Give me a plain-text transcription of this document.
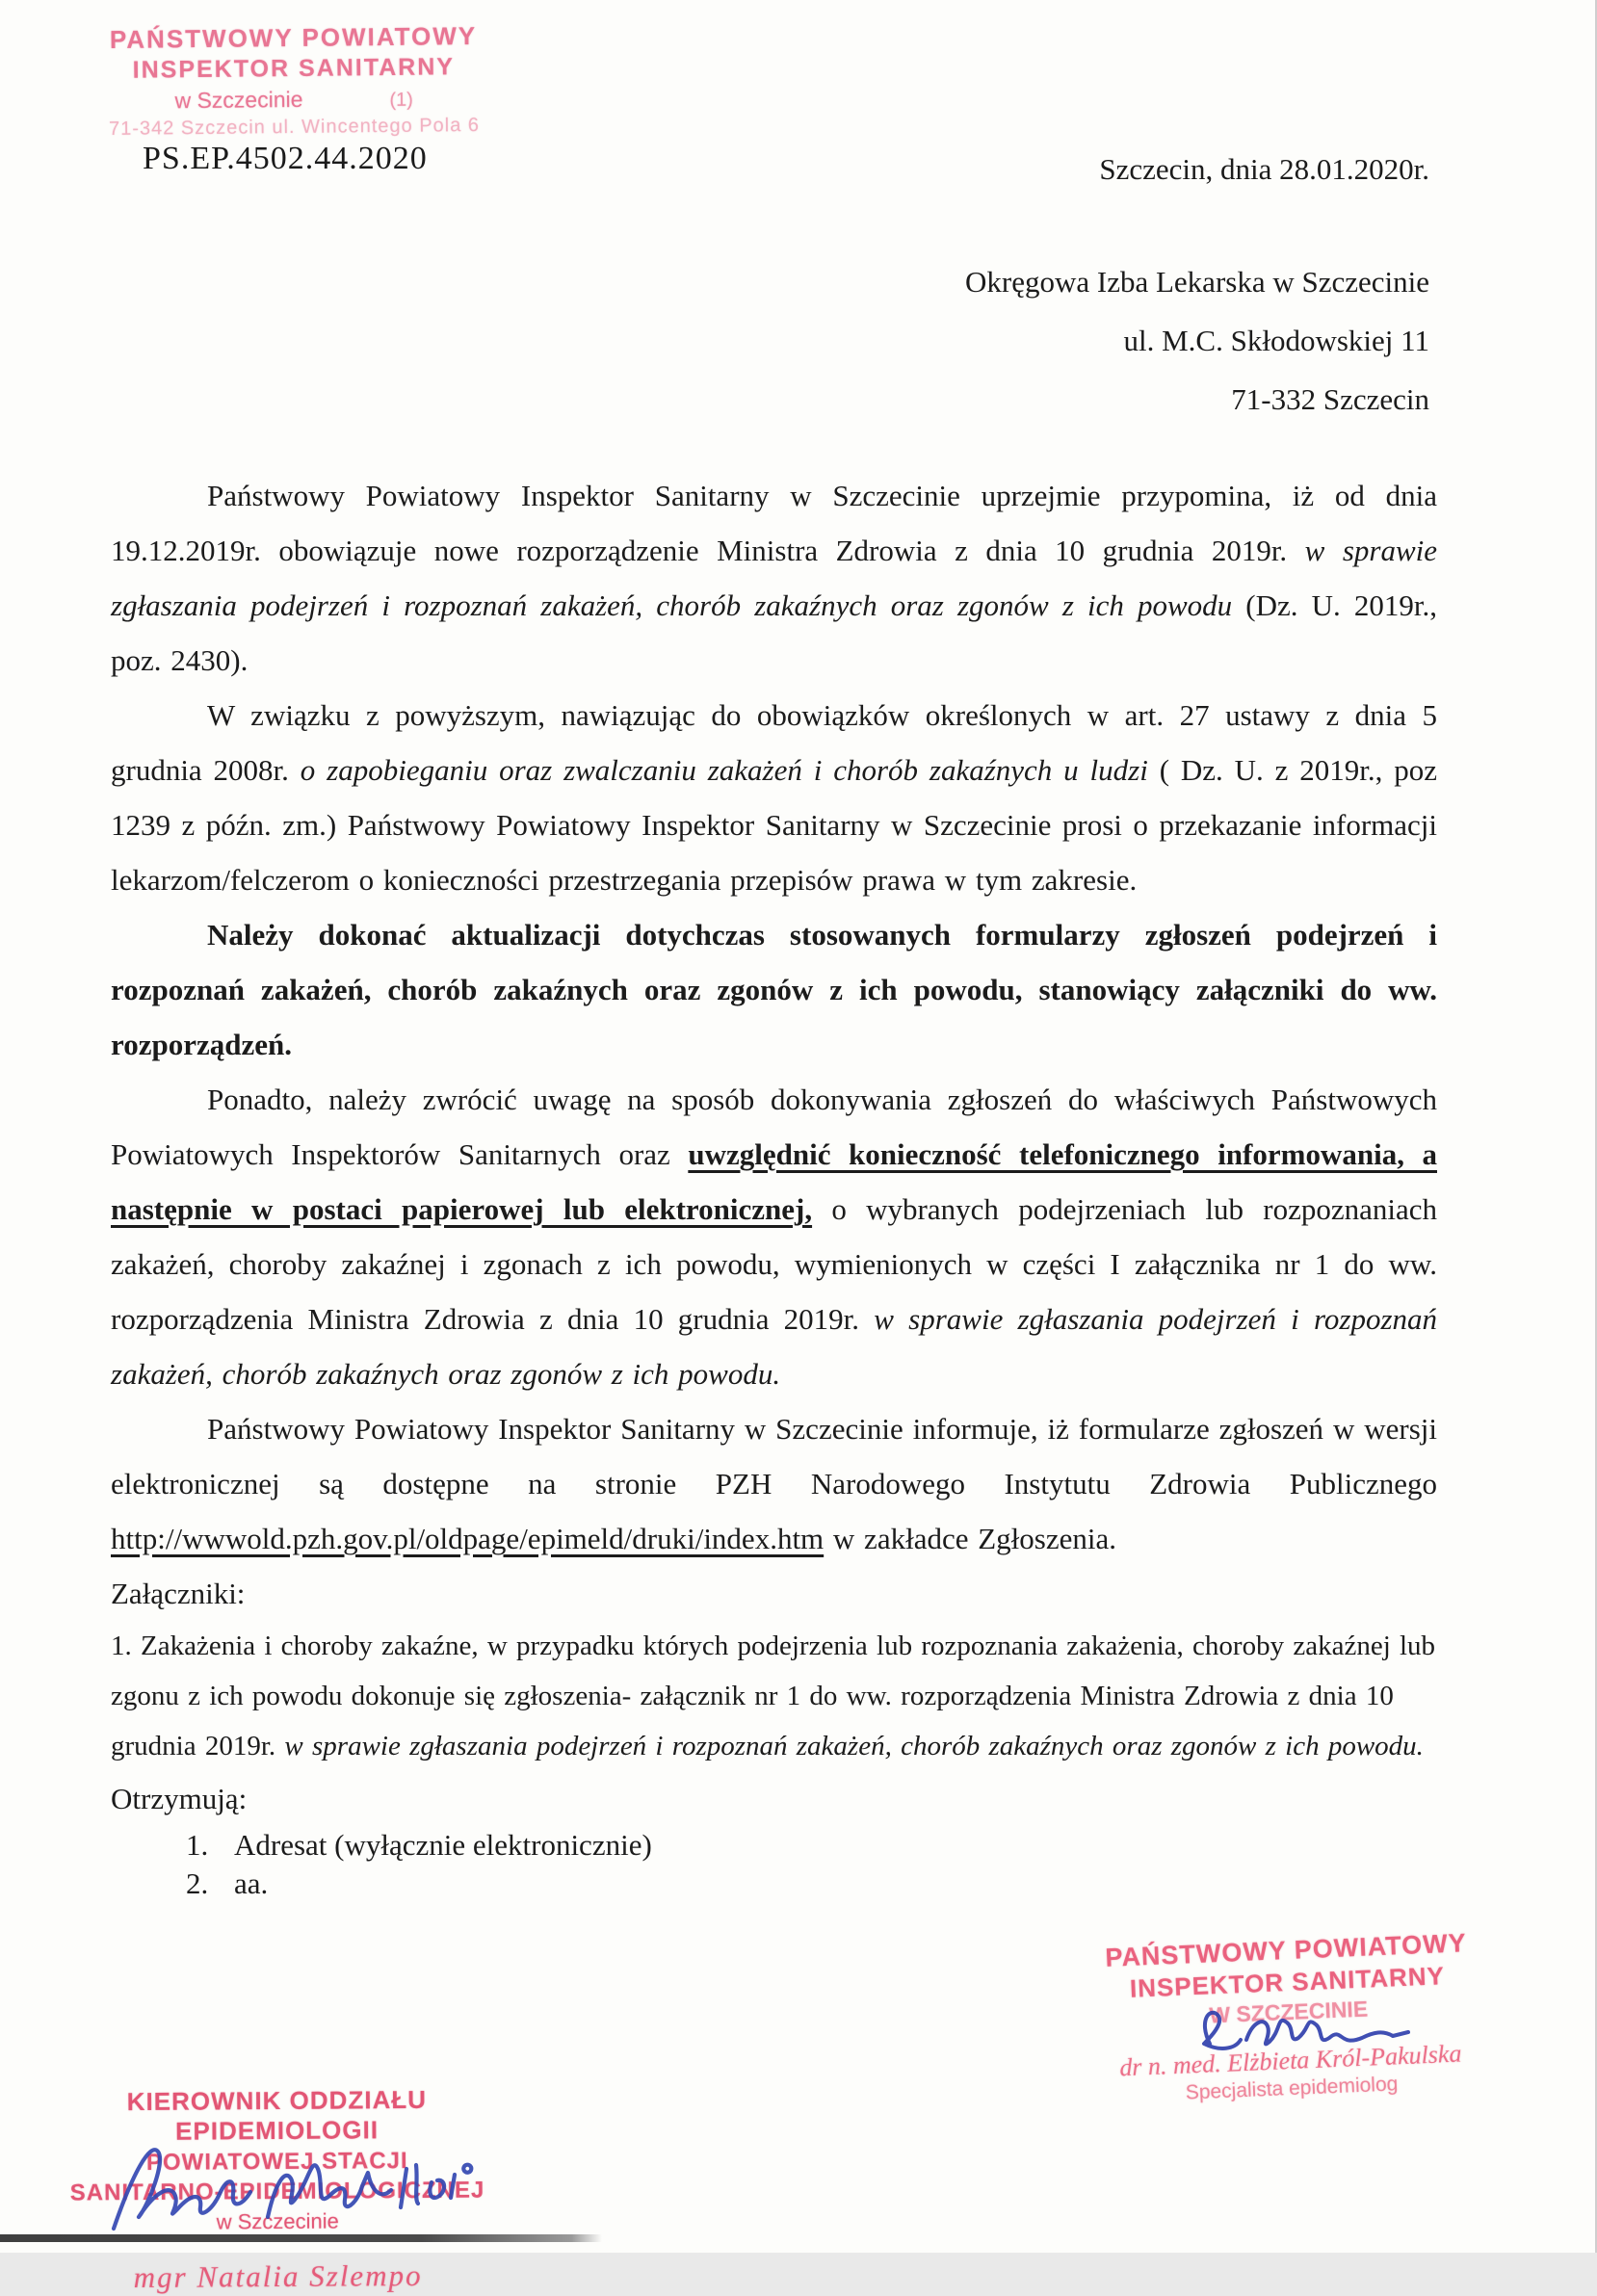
PAŃSTWOWY POWIATOWY
INSPEKTOR SANITARNY
w Szczecinie	(1)
71-342 Szczecin ul. Wincentego Pola 6
PS.EP.4502.44.2020	Szczecin, dnia 28.01.2020r.
Okręgowa Izba Lekarska w Szczecinie
ul. M.C. Skłodowskiej 11
71-332 Szczecin

Państwowy Powiatowy Inspektor Sanitarny w Szczecinie uprzejmie przypomina, iż od dnia 19.12.2019r. obowiązuje nowe rozporządzenie Ministra Zdrowia z dnia 10 grudnia 2019r. w sprawie zgłaszania podejrzeń i rozpoznań zakażeń, chorób zakaźnych oraz zgonów z ich powodu (Dz. U. 2019r., poz. 2430).

W związku z powyższym, nawiązując do obowiązków określonych w art. 27 ustawy z dnia 5 grudnia 2008r. o zapobieganiu oraz zwalczaniu zakażeń i chorób zakaźnych u ludzi ( Dz. U. z 2019r., poz 1239 z późn. zm.) Państwowy Powiatowy Inspektor Sanitarny w Szczecinie prosi o przekazanie informacji lekarzom/felczerom o konieczności przestrzegania przepisów prawa w tym zakresie.

Należy dokonać aktualizacji dotychczas stosowanych formularzy zgłoszeń podejrzeń i rozpoznań zakażeń, chorób zakaźnych oraz zgonów z ich powodu, stanowiący załączniki do ww. rozporządzeń.

Ponadto, należy zwrócić uwagę na sposób dokonywania zgłoszeń do właściwych Państwowych Powiatowych Inspektorów Sanitarnych oraz uwzględnić konieczność telefonicznego informowania, a następnie w postaci papierowej lub elektronicznej, o wybranych podejrzeniach lub rozpoznaniach zakażeń, choroby zakaźnej i zgonach z ich powodu, wymienionych w części I załącznika nr 1 do ww. rozporządzenia Ministra Zdrowia z dnia 10 grudnia 2019r. w sprawie zgłaszania podejrzeń i rozpoznań zakażeń, chorób zakaźnych oraz zgonów z ich powodu.

Państwowy Powiatowy Inspektor Sanitarny w Szczecinie informuje, iż formularze zgłoszeń w wersji elektronicznej są dostępne na stronie PZH Narodowego Instytutu Zdrowia Publicznego http://wwwold.pzh.gov.pl/oldpage/epimeld/druki/index.htm w zakładce Zgłoszenia.

Załączniki:

1. Zakażenia i choroby zakaźne, w przypadku których podejrzenia lub rozpoznania zakażenia, choroby zakaźnej lub zgonu z ich powodu dokonuje się zgłoszenia- załącznik nr 1 do ww. rozporządzenia Ministra Zdrowia z dnia 10 grudnia 2019r. w sprawie zgłaszania podejrzeń i rozpoznań zakażeń, chorób zakaźnych oraz zgonów z ich powodu.

Otrzymują:

1. Adresat (wyłącznie elektronicznie)
2. aa.
KIEROWNIK ODDZIAŁU EPIDEMIOLOGII
POWIATOWEJ STACJI
SANITARNO-EPIDEMIOLOGICZNEJ
w Szczecinie
mgr Natalia Szlempo
PAŃSTWOWY POWIATOWY
INSPEKTOR SANITARNY
W SZCZECINIE
dr n. med. Elżbieta Król-Pakulska
Specjalista epidemiolog
